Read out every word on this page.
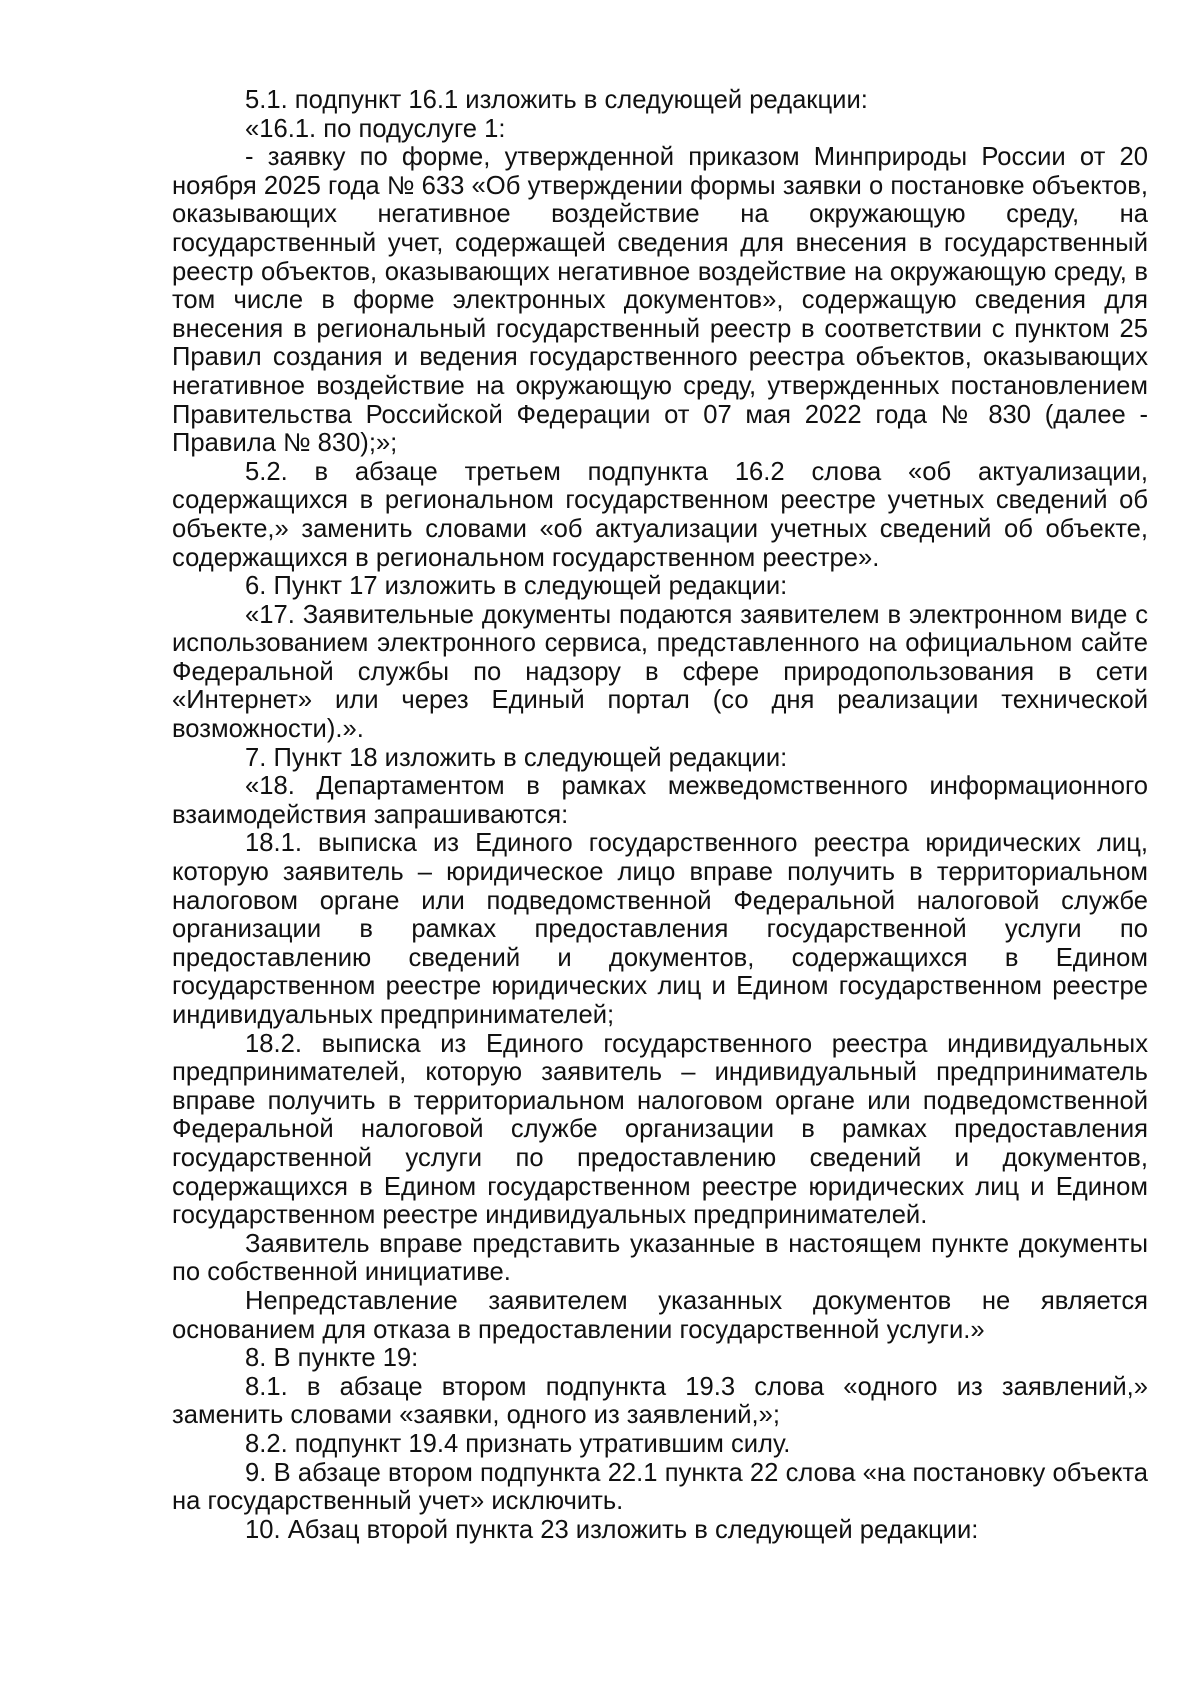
5.1. подпункт 16.1 изложить в следующей редакции:

«16.1. по подуслуге 1:

- заявку по форме, утвержденной приказом Минприроды России от 20 ноября 2025 года № 633 «Об утверждении формы заявки о постановке объектов, оказывающих негативное воздействие на окружающую среду, на государственный учет, содержащей сведения для внесения в государственный реестр объектов, оказывающих негативное воздействие на окружающую среду, в том числе в форме электронных документов», содержащую сведения для внесения в региональный государственный реестр в соответствии с пунктом 25 Правил создания и ведения государственного реестра объектов, оказывающих негативное воздействие на окружающую среду, утвержденных постановлением Правительства Российской Федерации от 07 мая 2022 года № 830 (далее - Правила № 830);»;

5.2. в абзаце третьем подпункта 16.2 слова «об актуализации, содержащихся в региональном государственном реестре учетных сведений об объекте,» заменить словами «об актуализации учетных сведений об объекте, содержащихся в региональном государственном реестре».

6. Пункт 17 изложить в следующей редакции:

«17. Заявительные документы подаются заявителем в электронном виде с использованием электронного сервиса, представленного на официальном сайте Федеральной службы по надзору в сфере природопользования в сети «Интернет» или через Единый портал (со дня реализации технической возможности).».

7. Пункт 18 изложить в следующей редакции:

«18. Департаментом в рамках межведомственного информационного взаимодействия запрашиваются:

18.1. выписка из Единого государственного реестра юридических лиц, которую заявитель – юридическое лицо вправе получить в территориальном налоговом органе или подведомственной Федеральной налоговой службе организации в рамках предоставления государственной услуги по предоставлению сведений и документов, содержащихся в Едином государственном реестре юридических лиц и Едином государственном реестре индивидуальных предпринимателей;

18.2. выписка из Единого государственного реестра индивидуальных предпринимателей, которую заявитель – индивидуальный предприниматель вправе получить в территориальном налоговом органе или подведомственной Федеральной налоговой службе организации в рамках предоставления государственной услуги по предоставлению сведений и документов, содержащихся в Едином государственном реестре юридических лиц и Едином государственном реестре индивидуальных предпринимателей.

Заявитель вправе представить указанные в настоящем пункте документы по собственной инициативе.

Непредставление заявителем указанных документов не является основанием для отказа в предоставлении государственной услуги.»

8. В пункте 19:

8.1. в абзаце втором подпункта 19.3 слова «одного из заявлений,» заменить словами «заявки, одного из заявлений,»;

8.2. подпункт 19.4 признать утратившим силу.

9. В абзаце втором подпункта 22.1 пункта 22 слова «на постановку объекта на государственный учет» исключить.

10. Абзац второй пункта 23 изложить в следующей редакции:
